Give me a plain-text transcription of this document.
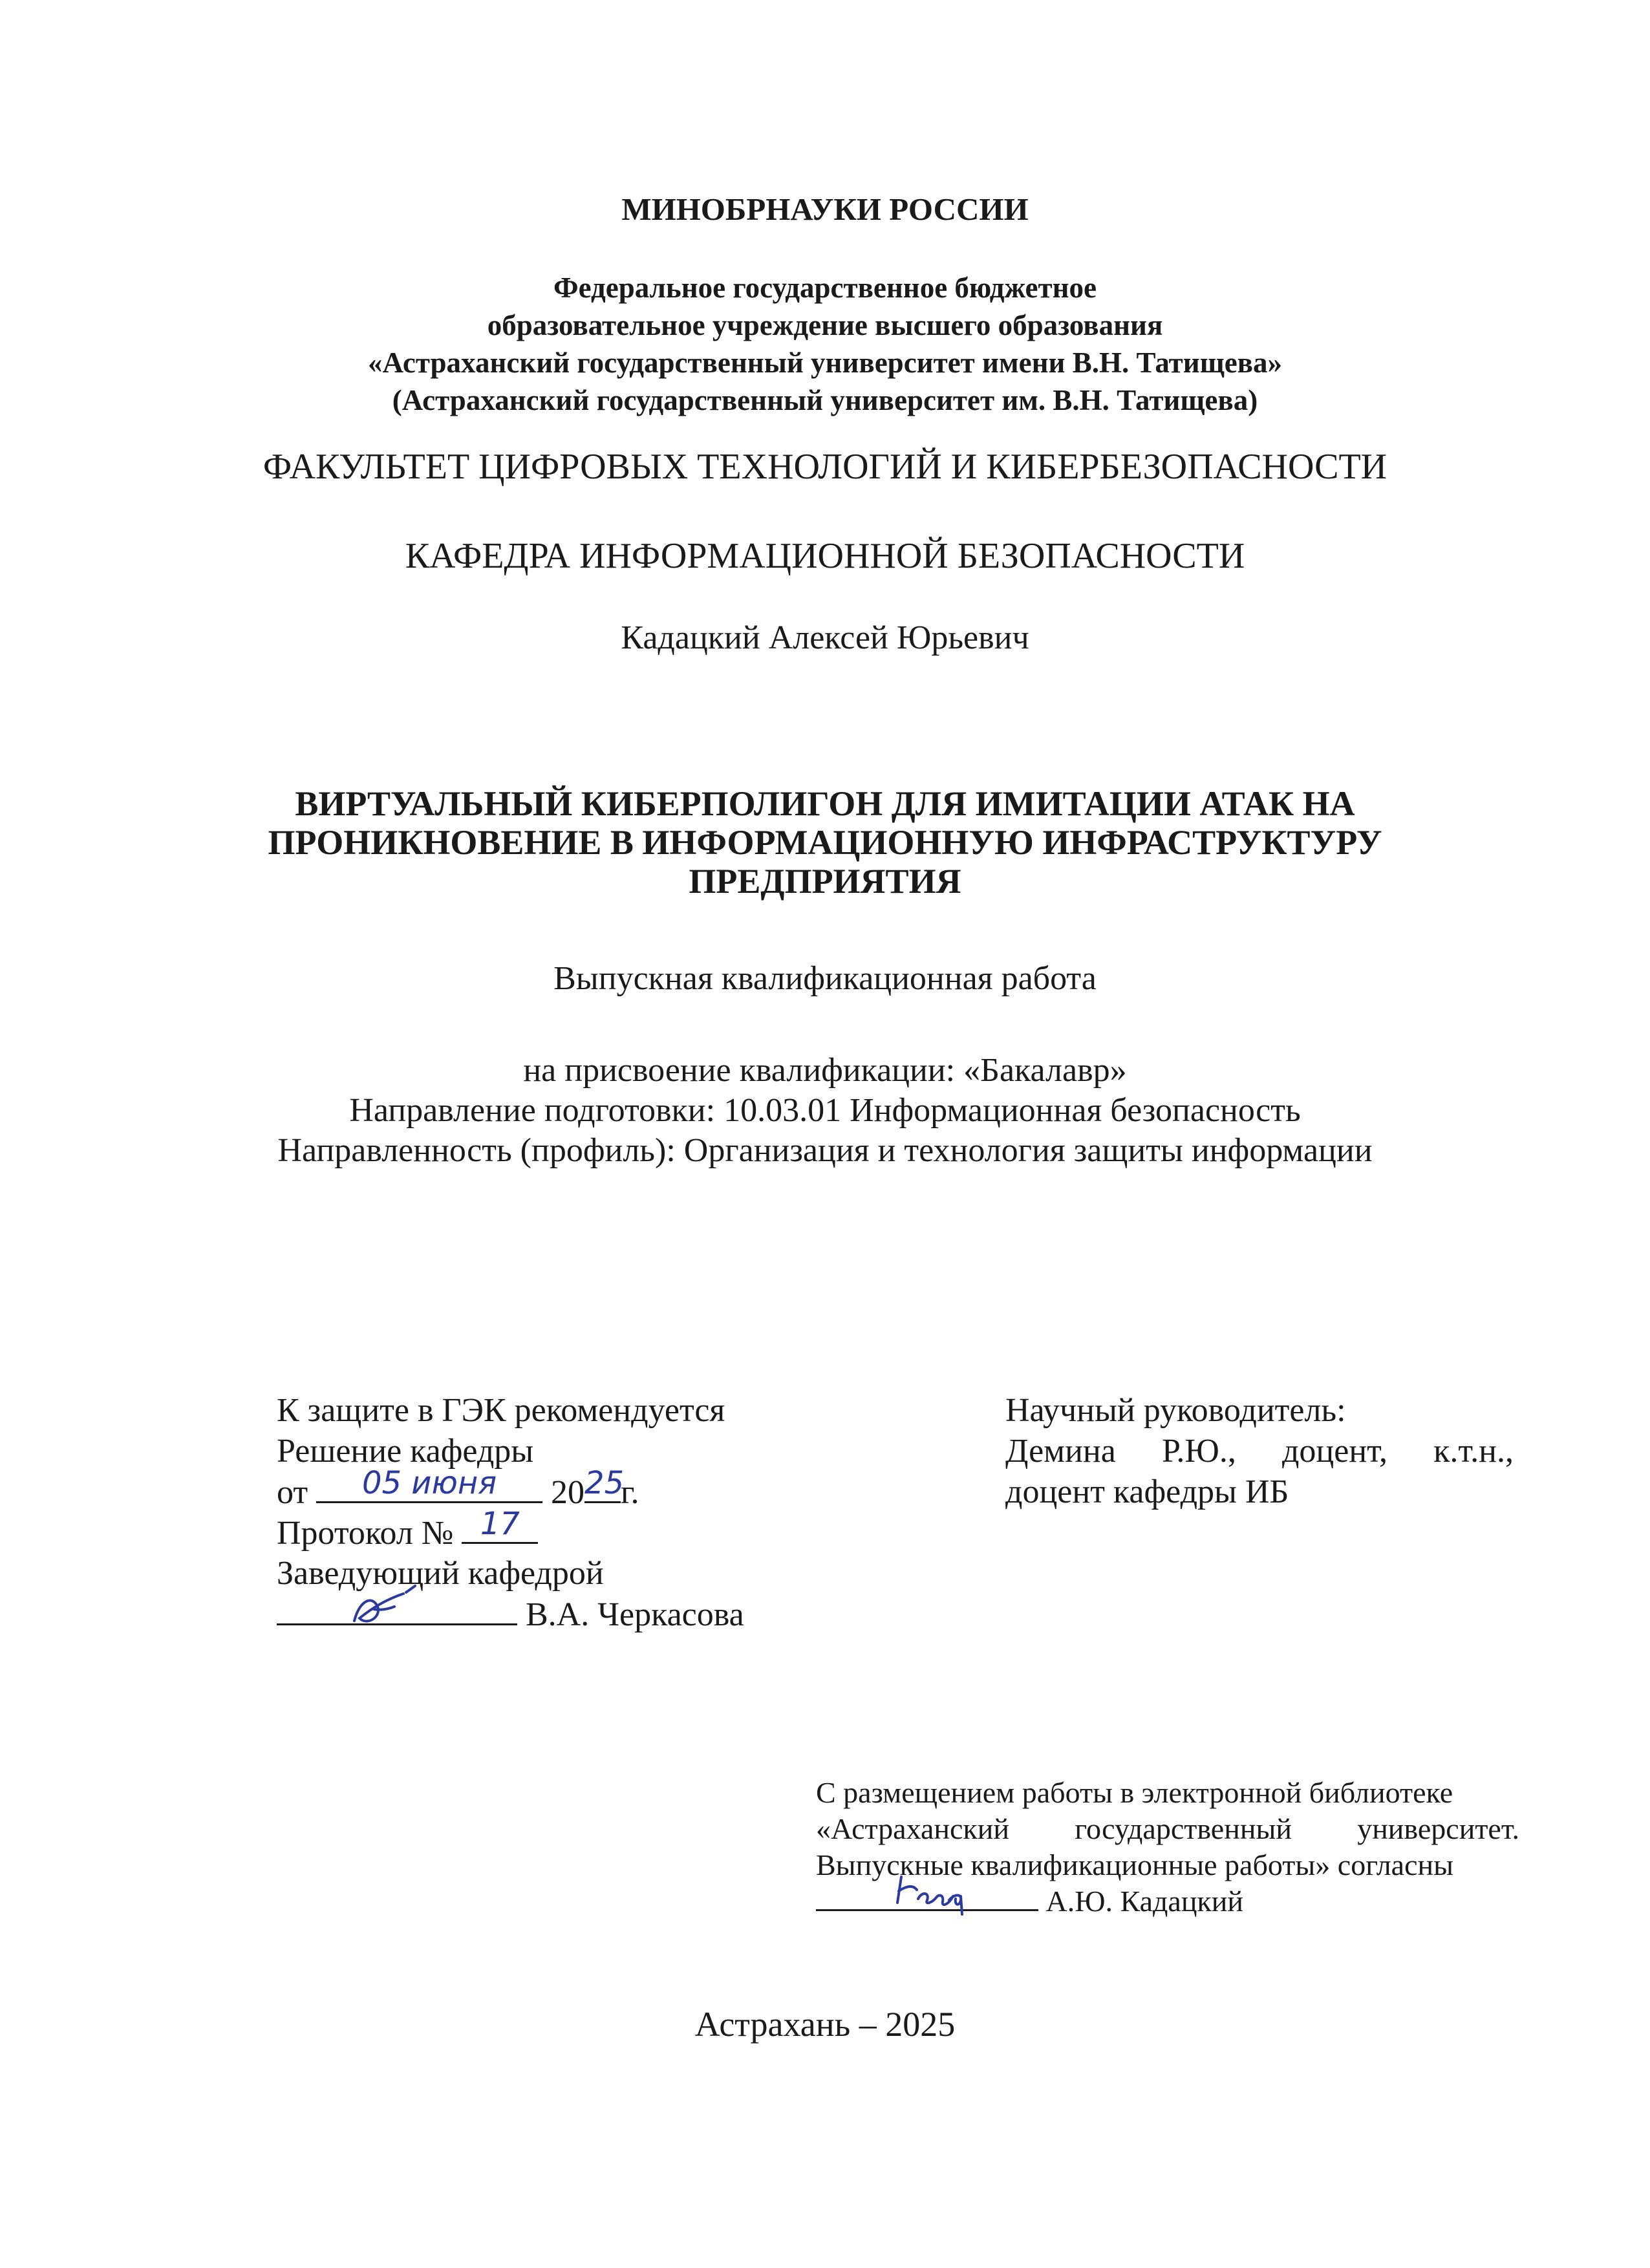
МИНОБРНАУКИ РОССИИ
Федеральное государственное бюджетное
образовательное учреждение высшего образования
«Астраханский государственный университет имени В.Н. Татищева»
(Астраханский государственный университет им. В.Н. Татищева)
ФАКУЛЬТЕТ ЦИФРОВЫХ ТЕХНОЛОГИЙ И КИБЕРБЕЗОПАСНОСТИ
КАФЕДРА ИНФОРМАЦИОННОЙ БЕЗОПАСНОСТИ
Кадацкий Алексей Юрьевич
ВИРТУАЛЬНЫЙ КИБЕРПОЛИГОН ДЛЯ ИМИТАЦИИ АТАК НА
ПРОНИКНОВЕНИЕ В ИНФОРМАЦИОННУЮ ИНФРАСТРУКТУРУ
ПРЕДПРИЯТИЯ
Выпускная квалификационная работа
на присвоение квалификации: «Бакалавр»
Направление подготовки: 10.03.01 Информационная безопасность
Направленность (профиль): Организация и технология защиты информации
К защите в ГЭК рекомендуется
Решение кафедры
от	05 июня	20 25
г.
Протокол № 17
Заведующий кафедрой
В.А. Черкасова
Научный руководитель:
Демина Р.Ю., доцент, к.т.н.,
доцент кафедры ИБ
С размещением работы в электронной библиотеке
«Астраханский государственный университет.
Выпускные квалификационные работы» согласны
А.Ю. Кадацкий
Астрахань – 2025
